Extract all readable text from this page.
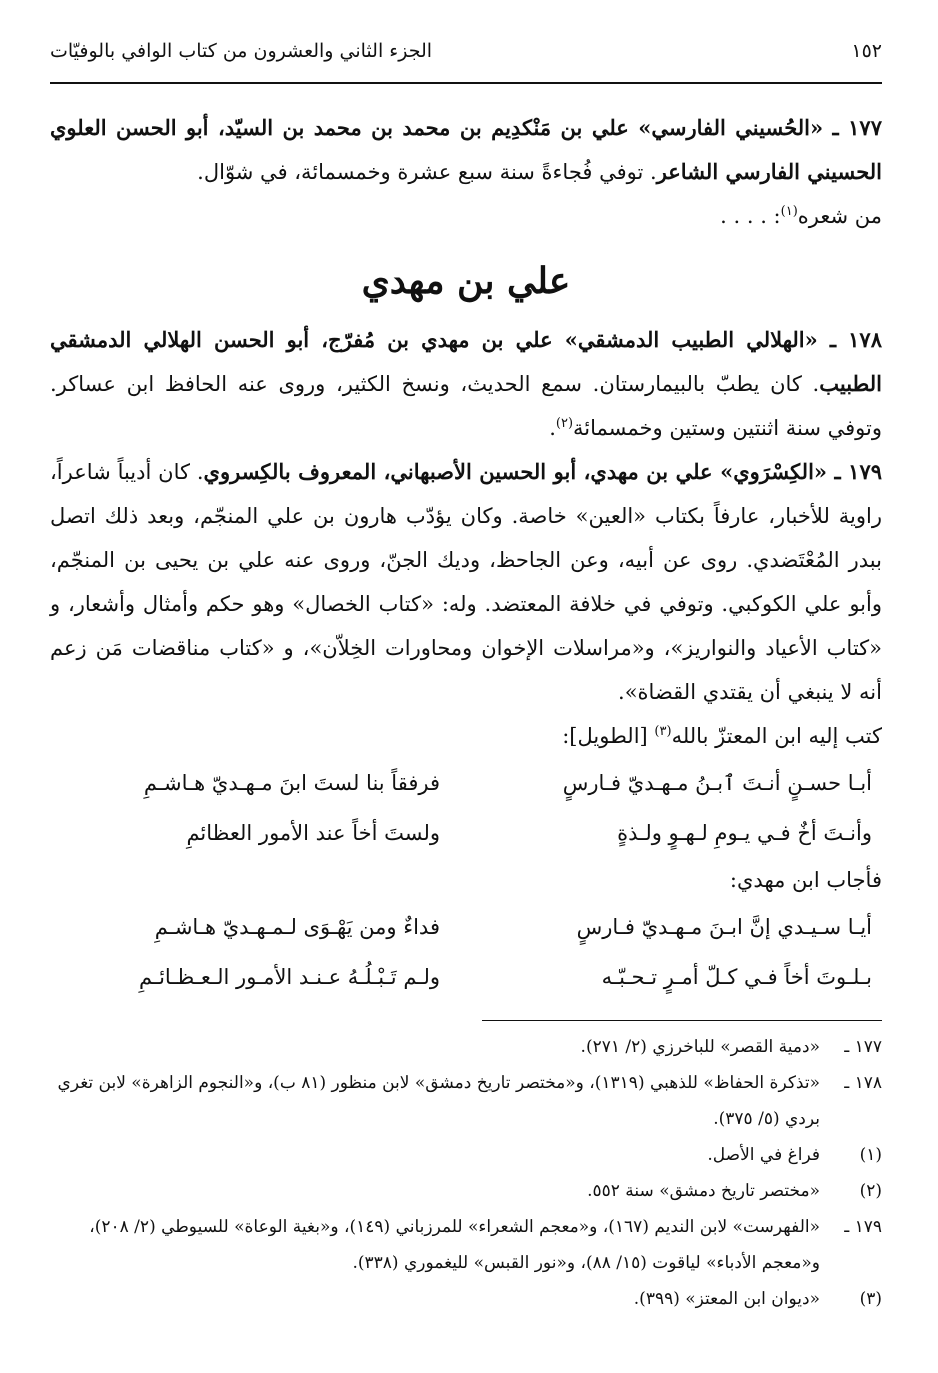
١٥٢
الجزء الثاني والعشرون من كتاب الوافي بالوفيّات

١٧٧ ـ «الحُسيني الفارسي» علي بن مَنْكدِيم بن محمد بن محمد بن السيّد، أبو الحسن العلوي الحسيني الفارسي الشاعر. توفي فُجاءةً سنة سبع عشرة وخمسمائة، في شوّال.

من شعره$^{(١)}$: . . . .

علي بن مهدي

١٧٨ ـ «الهلالي الطبيب الدمشقي» علي بن مهدي بن مُفرّج، أبو الحسن الهلالي الدمشقي الطبيب. كان يطبّ بالبيمارستان. سمع الحديث، ونسخ الكثير، وروى عنه الحافظ ابن عساكر. وتوفي سنة اثنتين وستين وخمسمائة$^{(٢)}$.

١٧٩ ـ «الكِسْرَوي» علي بن مهدي، أبو الحسين الأصبهاني، المعروف بالكِسروي. كان أديباً شاعراً، راوية للأخبار، عارفاً بكتاب «العين» خاصة. وكان يؤدّب هارون بن علي المنجّم، وبعد ذلك اتصل ببدر المُعْتَضدي. روى عن أبيه، وعن الجاحظ، وديك الجنّ، وروى عنه علي بن يحيى بن المنجّم، وأبو علي الكوكبي. وتوفي في خلافة المعتضد. وله: «كتاب الخصال» وهو حكم وأمثال وأشعار، و «كتاب الأعياد والنواريز»، و«مراسلات الإخوان ومحاورات الخِلاّن»، و «كتاب مناقضات مَن زعم أنه لا ينبغي أن يقتدي القضاة».

كتب إليه ابن المعتزّ بالله$^{(٣)}$ [الطويل]:

أبـا حسـنٍ أنـتَ ٱبـنُ مـهـديّ فـارسٍ
فرفقاً بنا لستَ ابنَ مـهـديّ هـاشـمِ
وأنـتَ أخٌ فـي يـومِ لـهـوٍ ولـذةٍ
ولستَ أخاً عند الأمور العظائمِ

فأجاب ابن مهدي:

أيـا سـيـدي إنَّ ابـنَ مـهـديّ فـارسٍ
فداءٌ ومن يَهْـوَى لـمـهـديّ هـاشـمِ
بـلـوتَ أخاً فـي كـلّ أمـرٍ تـحـبّـه
ولـم تَـبْـلُـهُ عـنـد الأمـور الـعـظـائـمِ
١٧٧ ـ
«دمية القصر» للباخرزي (٢/ ٢٧١).
١٧٨ ـ
«تذكرة الحفاظ» للذهبي (١٣١٩)، و«مختصر تاريخ دمشق» لابن منظور (٨١ ب)، و«النجوم الزاهرة» لابن تغري بردي (٥/ ٣٧٥).
(١)
فراغ في الأصل.
(٢)
«مختصر تاريخ دمشق» سنة ٥٥٢.
١٧٩ ـ
«الفهرست» لابن النديم (١٦٧)، و«معجم الشعراء» للمرزباني (١٤٩)، و«بغية الوعاة» للسيوطي (٢/ ٢٠٨)، و«معجم الأدباء» لياقوت (١٥/ ٨٨)، و«نور القبس» لليغموري (٣٣٨).
(٣)
«ديوان ابن المعتز» (٣٩٩).
